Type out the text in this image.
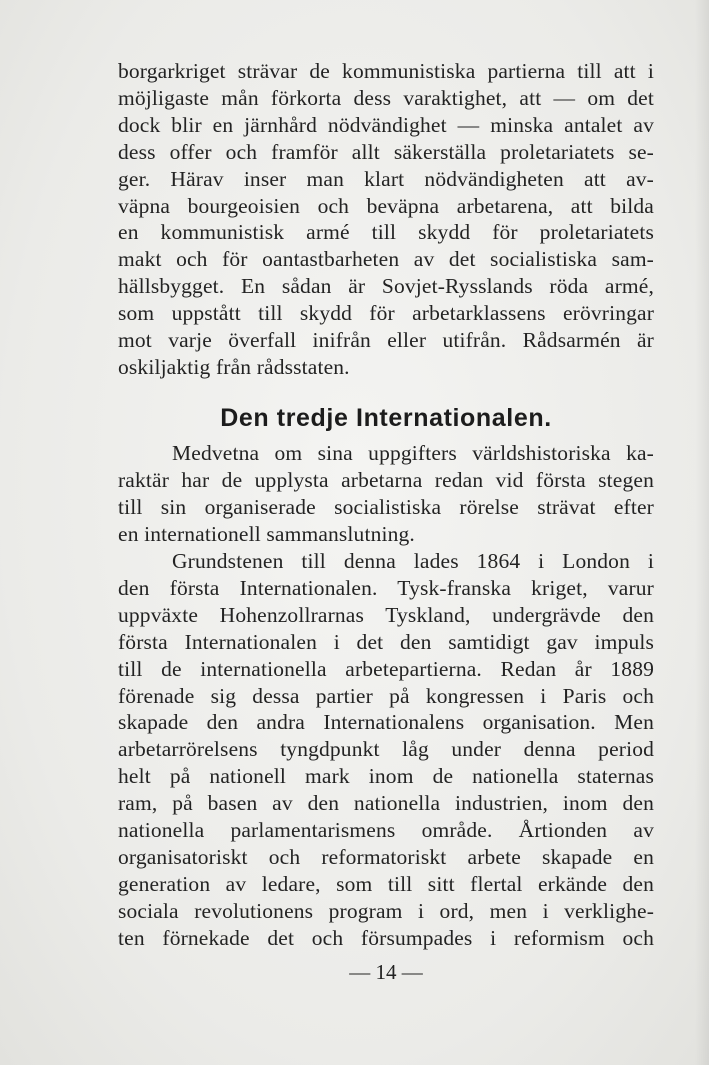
borgarkriget strävar de kommunistiska partierna till att i
möjligaste mån förkorta dess varaktighet, att — om det
dock blir en järnhård nödvändighet — minska antalet av
dess offer och framför allt säkerställa proletariatets se-
ger. Härav inser man klart nödvändigheten att av-
väpna bourgeoisien och beväpna arbetarena, att bilda
en kommunistisk armé till skydd för proletariatets
makt och för oantastbarheten av det socialistiska sam-
hällsbygget. En sådan är Sovjet-Rysslands röda armé,
som uppstått till skydd för arbetarklassens erövringar
mot varje överfall inifrån eller utifrån. Rådsarmén är
oskiljaktig från rådsstaten.
Den tredje Internationalen.
Medvetna om sina uppgifters världshistoriska ka-
raktär har de upplysta arbetarna redan vid första stegen
till sin organiserade socialistiska rörelse strävat efter
en internationell sammanslutning.
Grundstenen till denna lades 1864 i London i
den första Internationalen. Tysk-franska kriget, varur
uppväxte Hohenzollrarnas Tyskland, undergrävde den
första Internationalen i det den samtidigt gav impuls
till de internationella arbetepartierna. Redan år 1889
förenade sig dessa partier på kongressen i Paris och
skapade den andra Internationalens organisation. Men
arbetarrörelsens tyngdpunkt låg under denna period
helt på nationell mark inom de nationella staternas
ram, på basen av den nationella industrien, inom den
nationella parlamentarismens område. Årtionden av
organisatoriskt och reformatoriskt arbete skapade en
generation av ledare, som till sitt flertal erkände den
sociala revolutionens program i ord, men i verklighe-
ten förnekade det och försumpades i reformism och
— 14 —
